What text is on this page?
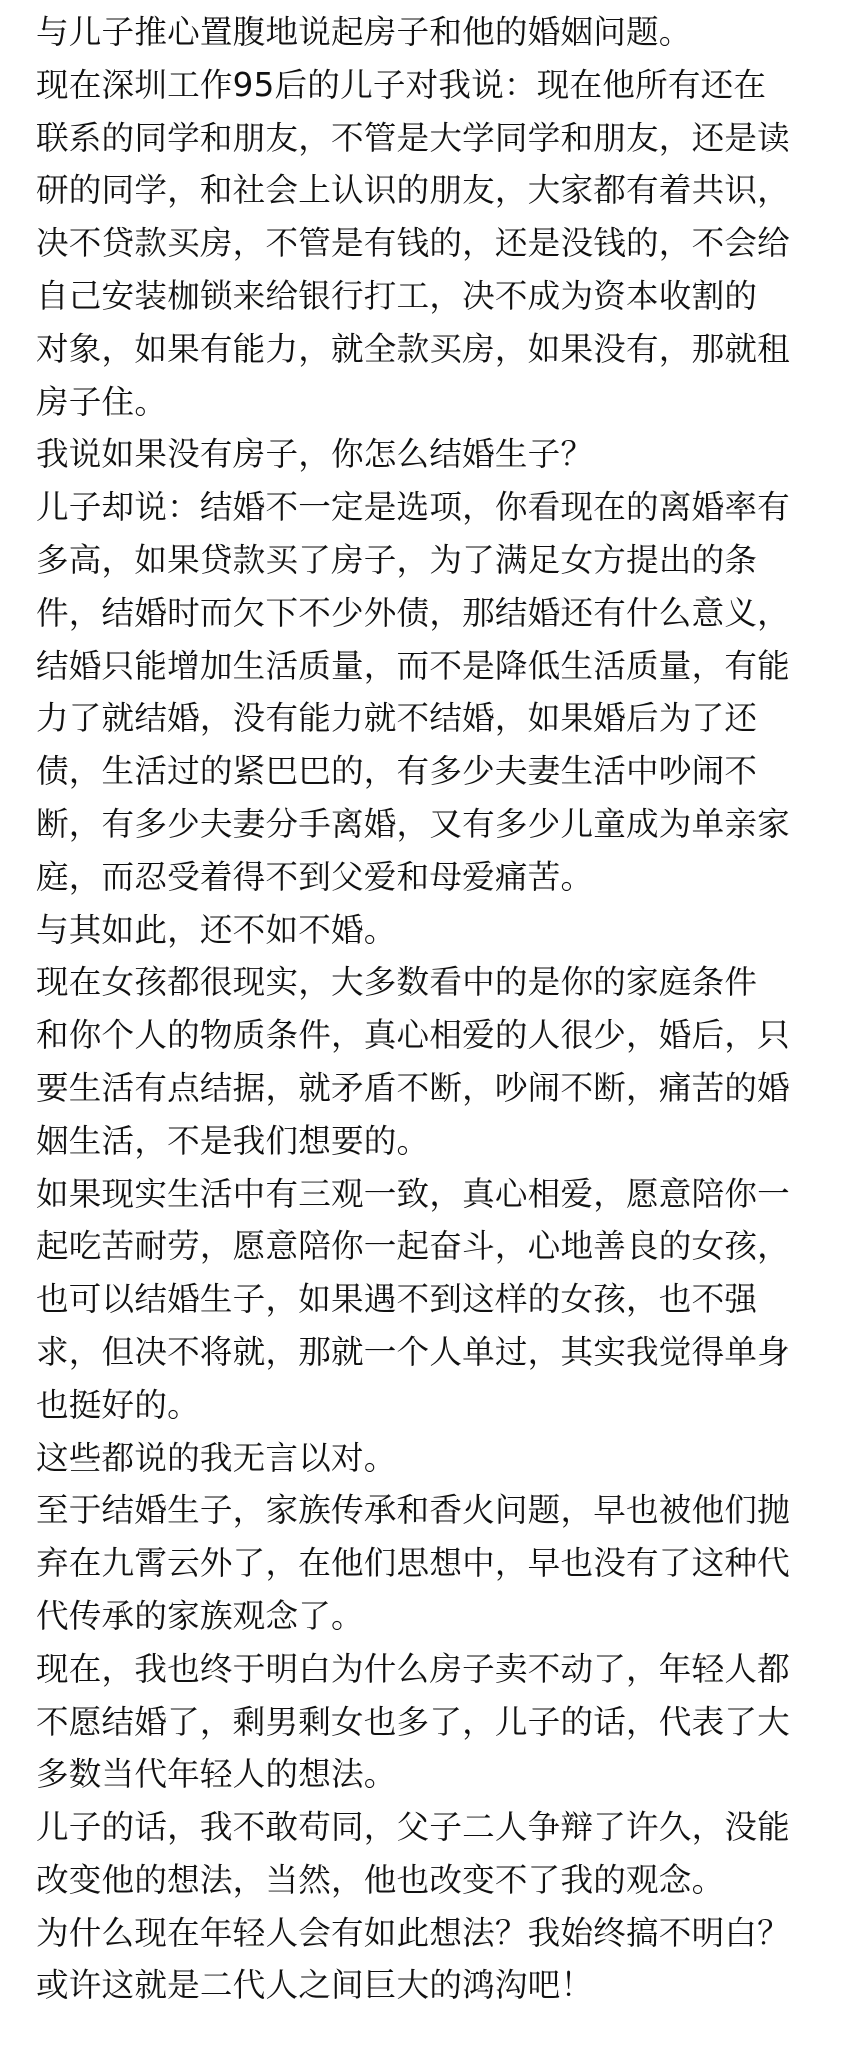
与儿子推心置腹地说起房子和他的婚姻问题。

现在深圳工作95后的儿子对我说：现在他所有还在
联系的同学和朋友，不管是大学同学和朋友，还是读
研的同学，和社会上认识的朋友，大家都有着共识，
决不贷款买房，不管是有钱的，还是没钱的，不会给
自己安装枷锁来给银行打工，决不成为资本收割的
对象，如果有能力，就全款买房，如果没有，那就租
房子住。

我说如果没有房子，你怎么结婚生子？

儿子却说：结婚不一定是选项，你看现在的离婚率有
多高，如果贷款买了房子，为了满足女方提出的条
件，结婚时而欠下不少外债，那结婚还有什么意义，
结婚只能增加生活质量，而不是降低生活质量，有能
力了就结婚，没有能力就不结婚，如果婚后为了还
债，生活过的紧巴巴的，有多少夫妻生活中吵闹不
断，有多少夫妻分手离婚，又有多少儿童成为单亲家
庭，而忍受着得不到父爱和母爱痛苦。

与其如此，还不如不婚。

现在女孩都很现实，大多数看中的是你的家庭条件
和你个人的物质条件，真心相爱的人很少，婚后，只
要生活有点结据，就矛盾不断，吵闹不断，痛苦的婚
姻生活，不是我们想要的。

如果现实生活中有三观一致，真心相爱，愿意陪你一
起吃苦耐劳，愿意陪你一起奋斗，心地善良的女孩，
也可以结婚生子，如果遇不到这样的女孩，也不强
求，但决不将就，那就一个人单过，其实我觉得单身
也挺好的。

这些都说的我无言以对。

至于结婚生子，家族传承和香火问题，早也被他们抛
弃在九霄云外了，在他们思想中，早也没有了这种代
代传承的家族观念了。

现在，我也终于明白为什么房子卖不动了，年轻人都
不愿结婚了，剩男剩女也多了，儿子的话，代表了大
多数当代年轻人的想法。

儿子的话，我不敢苟同，父子二人争辩了许久，没能
改变他的想法，当然，他也改变不了我的观念。

为什么现在年轻人会有如此想法？我始终搞不明白？
或许这就是二代人之间巨大的鸿沟吧！
